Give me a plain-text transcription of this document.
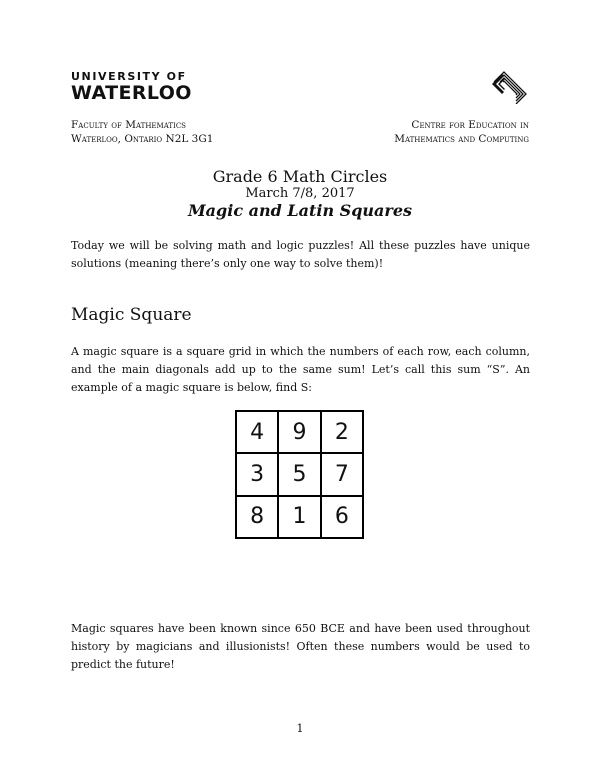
UNIVERSITY OF
WATERLOO
Faculty of Mathematics
Waterloo, Ontario N2L 3G1
Centre for Education in
Mathematics and Computing
Grade 6 Math Circles
March 7/8, 2017
Magic and Latin Squares

Today we will be solving math and logic puzzles! All these puzzles have unique solutions (meaning there’s only one way to solve them)!

Magic Square

A magic square is a square grid in which the numbers of each row, each column, and the main diagonals add up to the same sum! Let’s call this sum “S”. An example of a magic square is below, find S:

4	9	2
3	5	7
8	1	6

Magic squares have been known since 650 BCE and have been used throughout history by magicians and illusionists! Often these numbers would be used to predict the future!

1
